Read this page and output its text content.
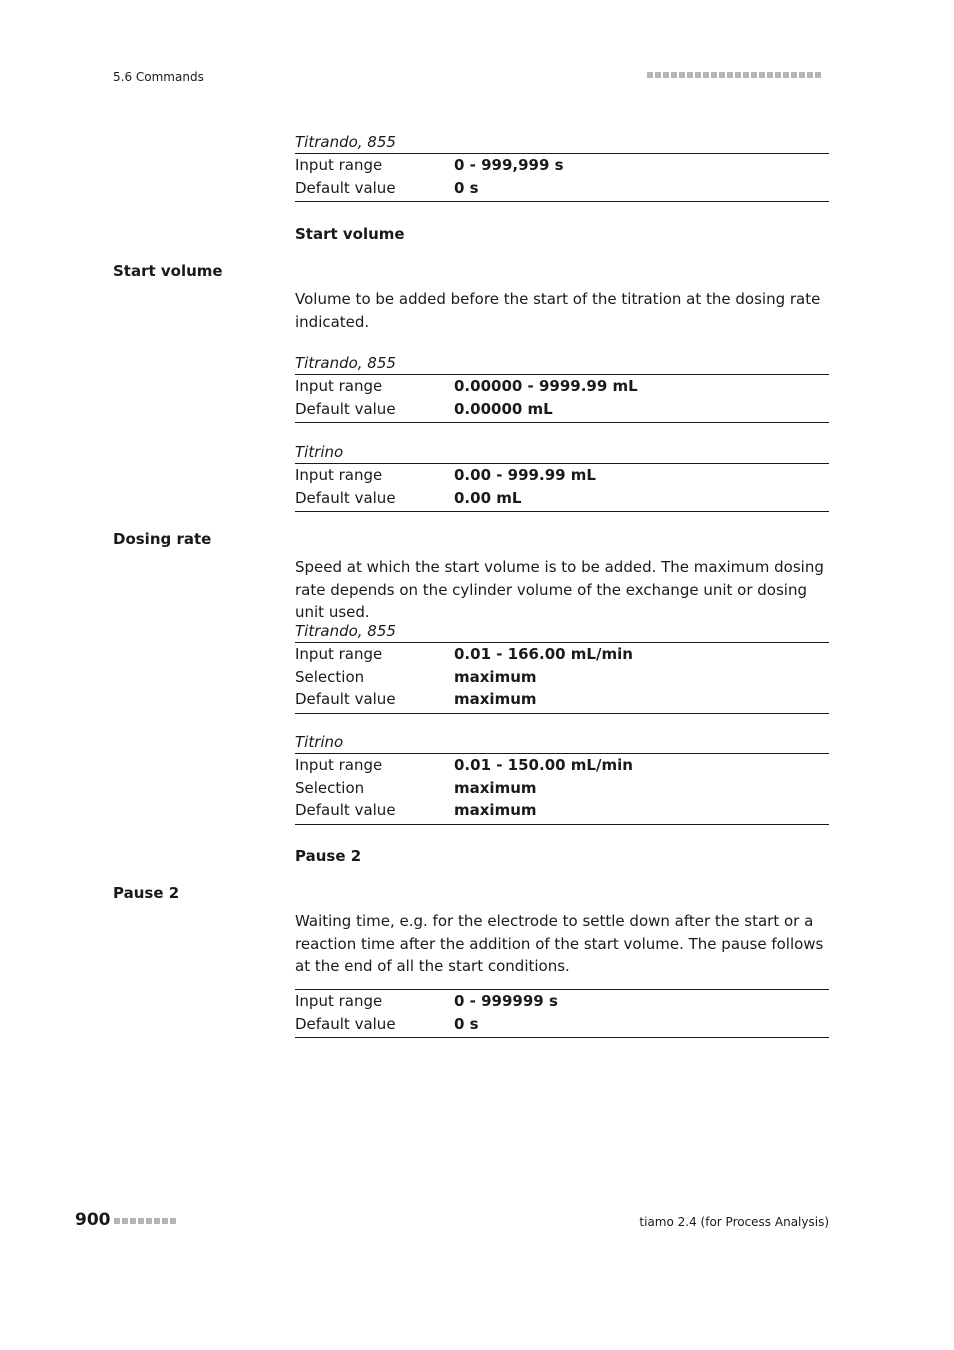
5.6 Commands
Titrando, 855
Input range	0 - 999,999 s
Default value	0 s
Start volume
Start volume
Volume to be added before the start of the titration at the dosing rate indicated.
Titrando, 855
Input range	0.00000 - 9999.99 mL
Default value	0.00000 mL
Titrino
Input range	0.00 - 999.99 mL
Default value	0.00 mL
Dosing rate
Speed at which the start volume is to be added. The maximum dosing rate depends on the cylinder volume of the exchange unit or dosing unit used.
Titrando, 855
Input range	0.01 - 166.00 mL/min
Selection	maximum
Default value	maximum
Titrino
Input range	0.01 - 150.00 mL/min
Selection	maximum
Default value	maximum
Pause 2
Pause 2
Waiting time, e.g. for the electrode to settle down after the start or a reaction time after the addition of the start volume. The pause follows at the end of all the start conditions.
Input range	0 - 999999 s
Default value	0 s
900	tiamo 2.4 (for Process Analysis)
